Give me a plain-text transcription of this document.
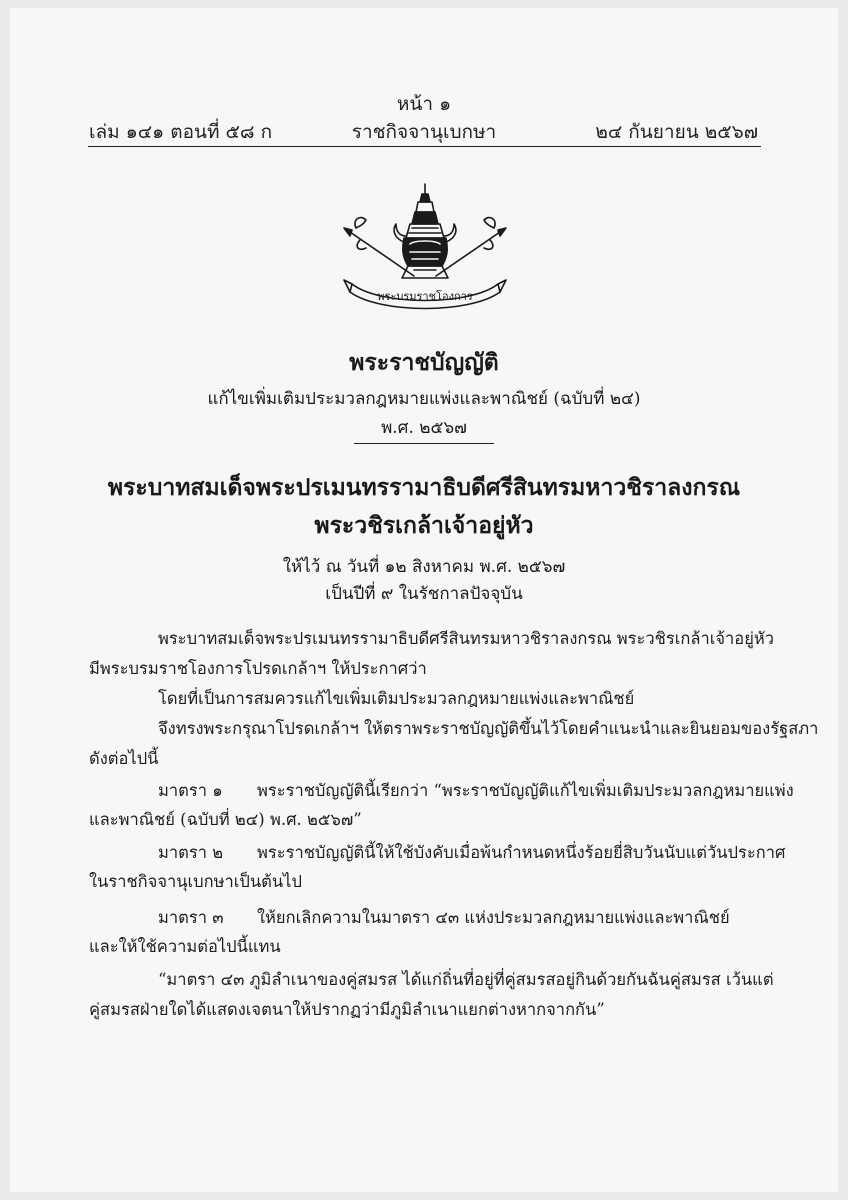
หน้า ๑
เล่ม ๑๔๑ ตอนที่ ๕๘ ก	ราชกิจจานุเบกษา	๒๔ กันยายน ๒๕๖๗
พระบรมราชโองการ
พระราชบัญญัติ
แก้ไขเพิ่มเติมประมวลกฎหมายแพ่งและพาณิชย์ (ฉบับที่ ๒๔)
พ.ศ. ๒๕๖๗
พระบาทสมเด็จพระปรเมนทรรามาธิบดีศรีสินทรมหาวชิราลงกรณ
พระวชิรเกล้าเจ้าอยู่หัว
ให้ไว้ ณ วันที่ ๑๒ สิงหาคม พ.ศ. ๒๕๖๗
เป็นปีที่ ๙ ในรัชกาลปัจจุบัน
พระบาทสมเด็จพระปรเมนทรรามาธิบดีศรีสินทรมหาวชิราลงกรณ พระวชิรเกล้าเจ้าอยู่หัว
มีพระบรมราชโองการโปรดเกล้าฯ ให้ประกาศว่า
โดยที่เป็นการสมควรแก้ไขเพิ่มเติมประมวลกฎหมายแพ่งและพาณิชย์
จึงทรงพระกรุณาโปรดเกล้าฯ ให้ตราพระราชบัญญัติขึ้นไว้โดยคำแนะนำและยินยอมของรัฐสภา
ดังต่อไปนี้
มาตรา ๑ พระราชบัญญัตินี้เรียกว่า “พระราชบัญญัติแก้ไขเพิ่มเติมประมวลกฎหมายแพ่ง
และพาณิชย์ (ฉบับที่ ๒๔) พ.ศ. ๒๕๖๗”
มาตรา ๒ พระราชบัญญัตินี้ให้ใช้บังคับเมื่อพ้นกำหนดหนึ่งร้อยยี่สิบวันนับแต่วันประกาศ
ในราชกิจจานุเบกษาเป็นต้นไป
มาตรา ๓ ให้ยกเลิกความในมาตรา ๔๓ แห่งประมวลกฎหมายแพ่งและพาณิชย์
และให้ใช้ความต่อไปนี้แทน
“มาตรา ๔๓ ภูมิลำเนาของคู่สมรส ได้แก่ถิ่นที่อยู่ที่คู่สมรสอยู่กินด้วยกันฉันคู่สมรส เว้นแต่
คู่สมรสฝ่ายใดได้แสดงเจตนาให้ปรากฏว่ามีภูมิลำเนาแยกต่างหากจากกัน”
